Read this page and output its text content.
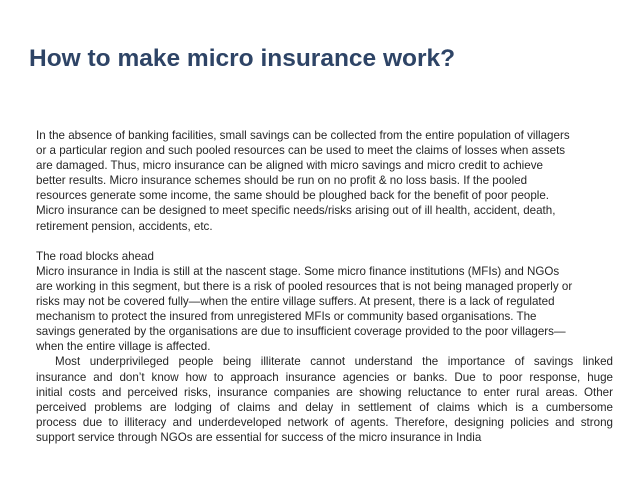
How to make micro insurance work?
In the absence of banking facilities, small savings can be collected from the entire population of villagers
or a particular region and such pooled resources can be used to meet the claims of losses when assets
are damaged. Thus, micro insurance can be aligned with micro savings and micro credit to achieve
better results. Micro insurance schemes should be run on no profit & no loss basis. If the pooled
resources generate some income, the same should be ploughed back for the benefit of poor people.
Micro insurance can be designed to meet specific needs/risks arising out of ill health, accident, death,
retirement pension, accidents, etc.
The road blocks ahead
Micro insurance in India is still at the nascent stage. Some micro finance institutions (MFIs) and NGOs
are working in this segment, but there is a risk of pooled resources that is not being managed properly or
risks may not be covered fully—when the entire village suffers. At present, there is a lack of regulated
mechanism to protect the insured from unregistered MFIs or community based organisations. The
savings generated by the organisations are due to insufficient coverage provided to the poor villagers—
when the entire village is affected.
Most underprivileged people being illiterate cannot understand the importance of savings linked
insurance and don’t know how to approach insurance agencies or banks. Due to poor response, huge
initial costs and perceived risks, insurance companies are showing reluctance to enter rural areas. Other
perceived problems are lodging of claims and delay in settlement of claims which is a cumbersome
process due to illiteracy and underdeveloped network of agents. Therefore, designing policies and strong
support service through NGOs are essential for success of the micro insurance in India
